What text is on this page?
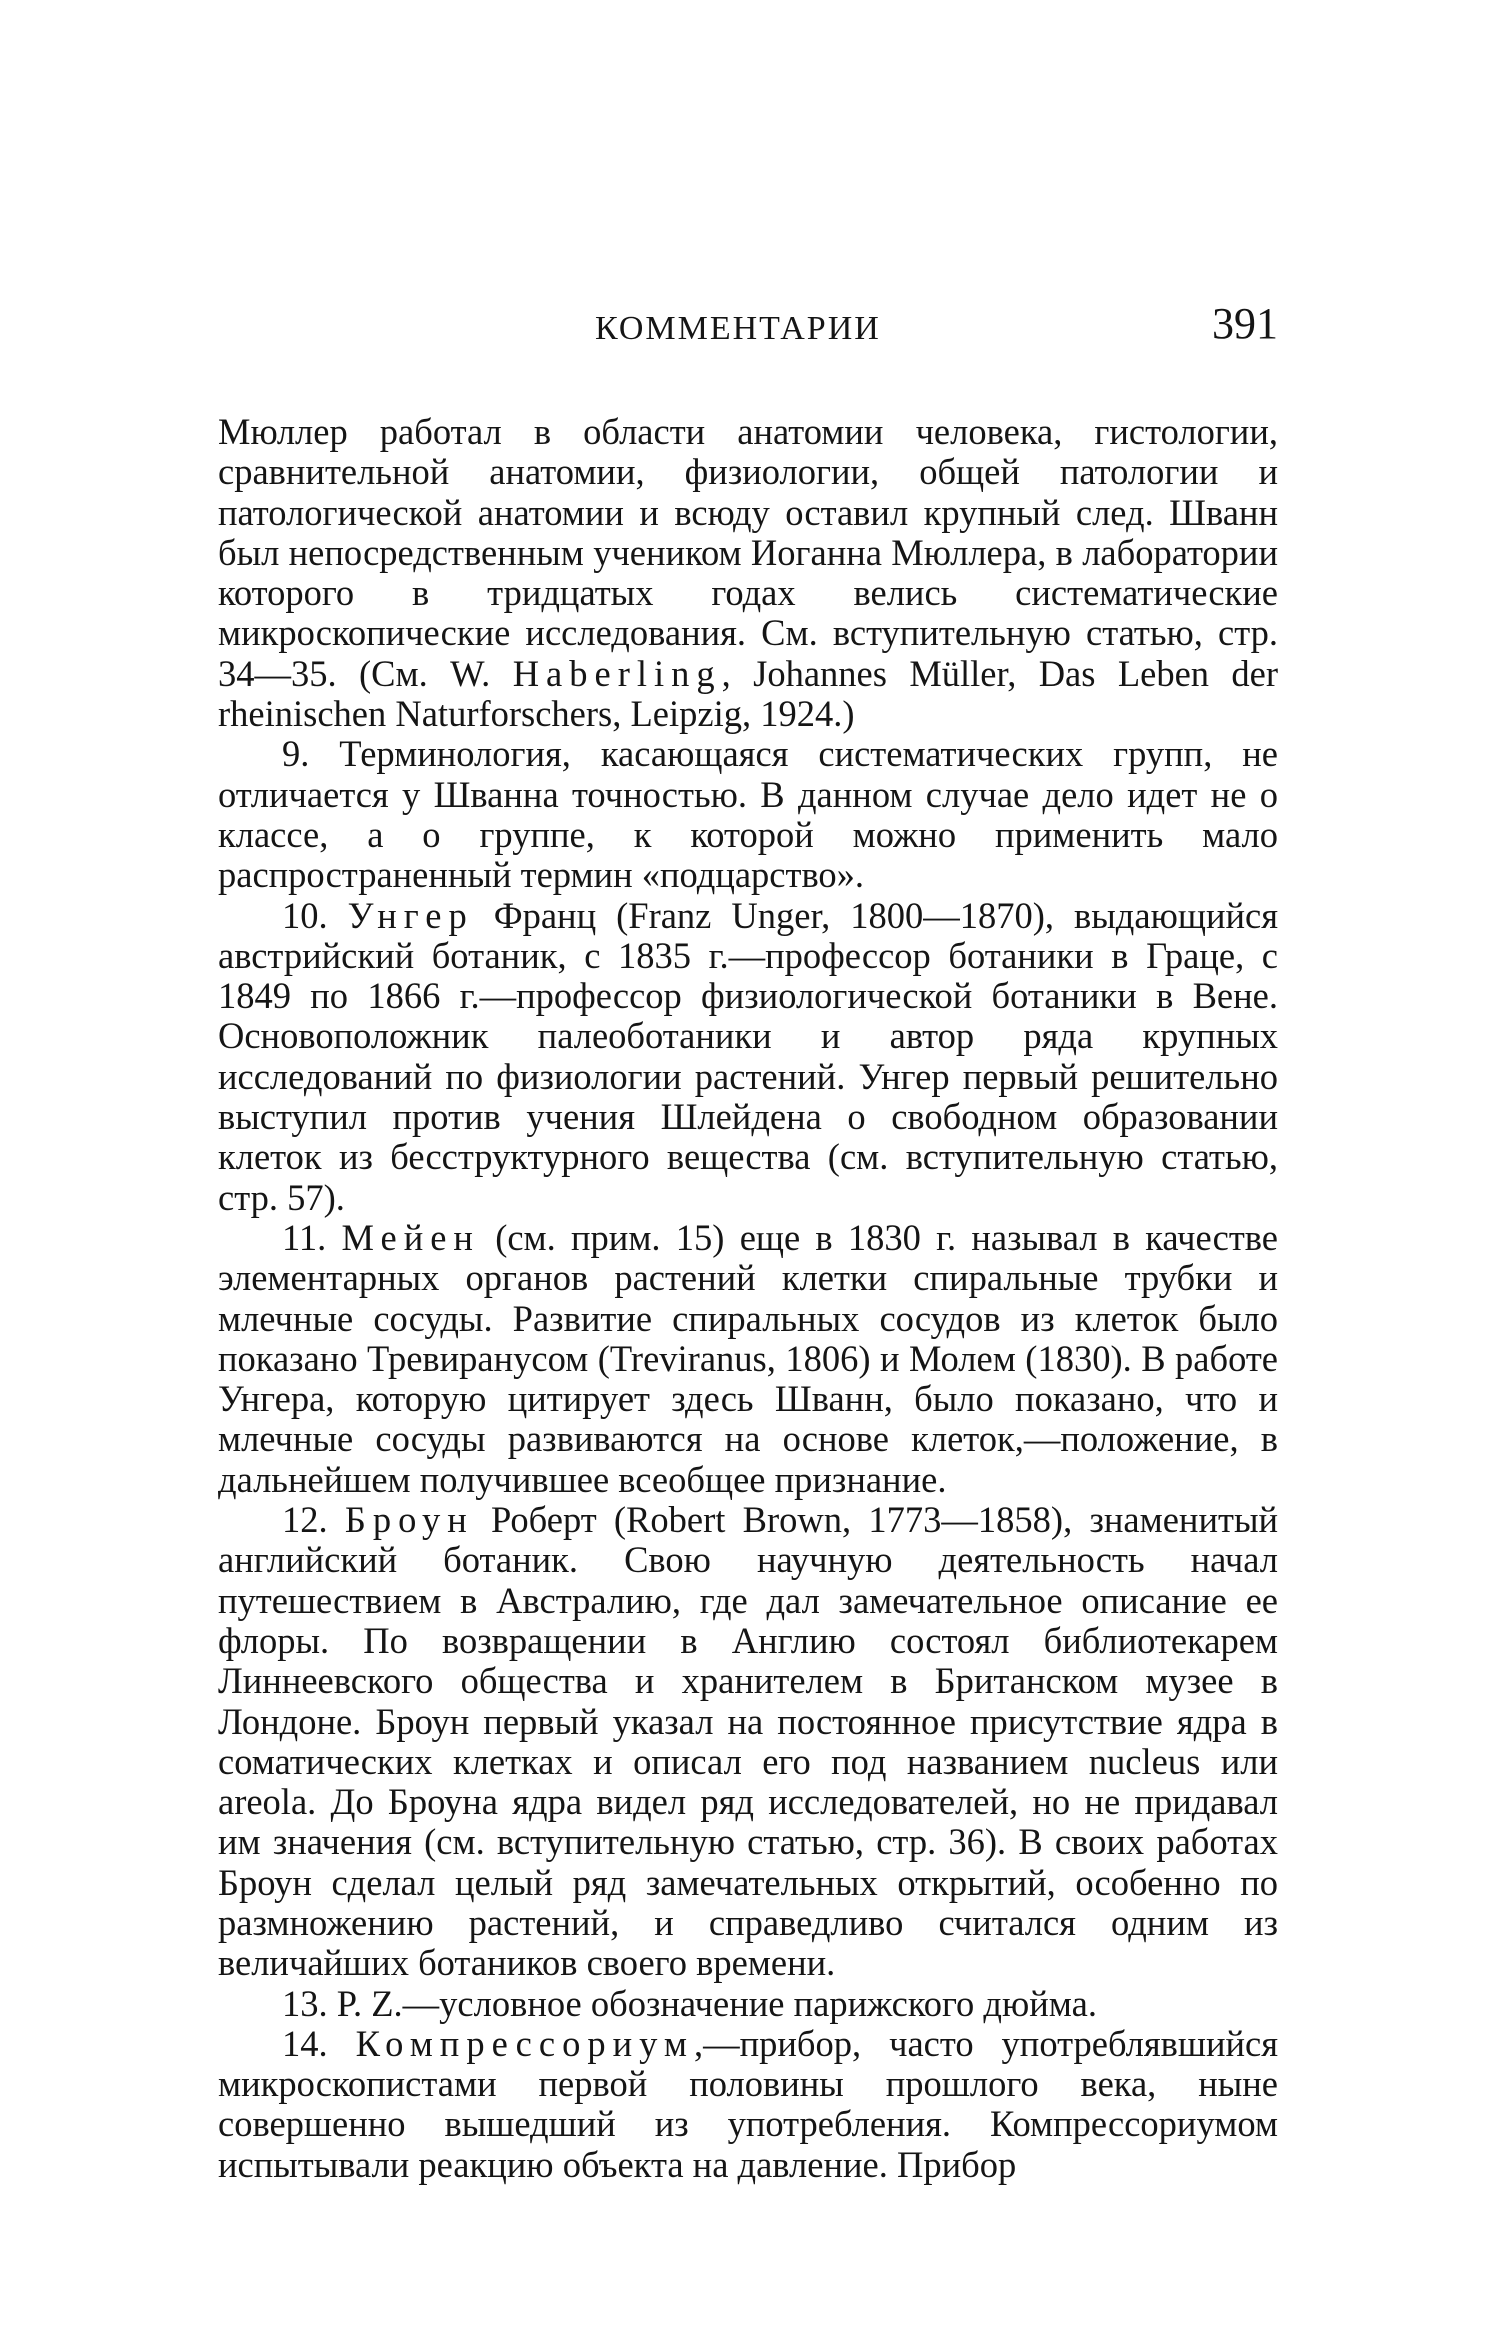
КОММЕНТАРИИ	391

Мюллер работал в области анатомии человека, гистологии, сравнительной анатомии, физиологии, общей патологии и патологической анатомии и всюду оставил крупный след. Шванн был непосредственным учеником Иоганна Мюллера, в лаборатории которого в тридцатых годах велись систематические микроскопические исследования. См. вступительную статью, стр. 34—35. (См. W. Haberling, Johannes Müller, Das Leben der rheinischen Naturforschers, Leipzig, 1924.)

9. Терминология, касающаяся систематических групп, не отличается у Шванна точностью. В данном случае дело идет не о классе, а о группе, к которой можно применить мало распространенный термин «подцарство».

10. Унгер Франц (Franz Unger, 1800—1870), выдающийся австрийский ботаник, с 1835 г.—профессор ботаники в Граце, с 1849 по 1866 г.—профессор физиологической ботаники в Вене. Основоположник палеоботаники и автор ряда крупных исследований по физиологии растений. Унгер первый решительно выступил против учения Шлейдена о свободном образовании клеток из бесструктурного вещества (см. вступительную статью, стр. 57).

11. Мейен (см. прим. 15) еще в 1830 г. называл в качестве элементарных органов растений клетки спиральные трубки и млечные сосуды. Развитие спиральных сосудов из клеток было показано Тревиранусом (Treviranus, 1806) и Молем (1830). В работе Унгера, которую цитирует здесь Шванн, было показано, что и млечные сосуды развиваются на основе клеток,—положение, в дальнейшем получившее всеобщее признание.

12. Броун Роберт (Robert Brown, 1773—1858), знаменитый английский ботаник. Свою научную деятельность начал путешествием в Австралию, где дал замечательное описание ее флоры. По возвращении в Англию состоял библиотекарем Линнеевского общества и хранителем в Британском музее в Лондоне. Броун первый указал на постоянное присутствие ядра в соматических клетках и описал его под названием nucleus или areola. До Броуна ядра видел ряд исследователей, но не придавал им значения (см. вступительную статью, стр. 36). В своих работах Броун сделал целый ряд замечательных открытий, особенно по размножению растений, и справедливо считался одним из величайших ботаников своего времени.

13. P. Z.—условное обозначение парижского дюйма.

14. Компрессориум,—прибор, часто употреблявшийся микроскопистами первой половины прошлого века, ныне совершенно вышедший из употребления. Компрессориумом испытывали реакцию объекта на давление. Прибор
